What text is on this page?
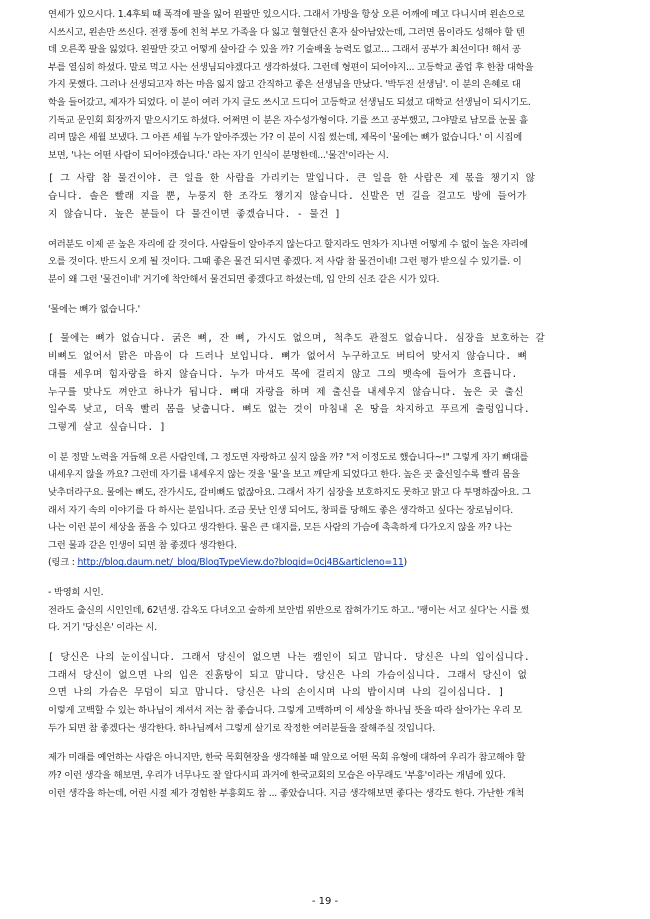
연세가 있으시다. 1.4후퇴 때 폭격에 팔을 잃어 왼팔만 있으시다. 그래서 가방을 항상 오른 어깨에 메고 다니시며 왼손으로

시쓰시고, 왼손만 쓰신다. 전쟁 통에 친척 부모 가족을 다 잃고 혈혈단신 혼자 살아남았는데, 그러면 몸이라도 성해야 할 텐

데 오른쪽 팔을 잃었다. 왼팔만 갖고 어떻게 살아갈 수 있을 까? 기술배울 능력도 없고... 그래서 공부가 최선이다! 해서 공

부를 열심히 하셨다. 말로 먹고 사는 선생님되야겠다고 생각하셨다. 그런데 형편이 되어야지... 고등학교 졸업 후 한참 대학을

가지 못했다. 그러나 선생되고자 하는 마음 잃지 않고 간직하고 좋은 선생님을 만났다. '박두진 선생님'. 이 분의 은혜로 대

학을 들어갔고, 제자가 되었다. 이 분이 여러 가지 글도 쓰시고 드디어 고등학교 선생님도 되셨고 대학교 선생님이 되시기도.

기독교 문인회 회장까지 맡으시기도 하셨다. 어쩌면 이 분은 자수성가형이다. 기를 쓰고 공부했고, 그야말로 남모를 눈물 흘

리며 많은 세월 보냈다. 그 아픈 세월 누가 알아주겠는 가? 이 분이 시집 썼는데, 제목이 '물에는 뼈가 없습니다.' 이 시집에

보면, '나는 어떤 사람이 되어야겠습니다.' 라는 자기 인식이 분명한데...'물건'이라는 시.

[ 그 사람 참 물건이야. 큰 일을 한 사람을 가리키는 말입니다. 큰 일을 한 사람은 제 몫을 챙기지 않

습니다. 솔은 빨래 지을 뿐, 누룽지 한 조각도 챙기지 않습니다. 신발은 먼 길을 걸고도 방에 들어가

지 않습니다. 높은 분들이 다 물건이면 좋겠습니다. - 물건 ]

여러분도 이제 곧 높은 자리에 갈 것이다. 사람들이 알아주지 않는다고 할지라도 연차가 지나면 어떻게 수 없이 높은 자리에

오를 것이다. 반드시 오게 될 것이다. 그때 좋은 물건 되시면 좋겠다. 저 사람 참 물건이네! 그런 평가 받으실 수 있기를. 이

분이 왜 그런 '물건이네' 거기에 착안해서 물건되면 좋겠다고 하셨는데, 입 안의 신조 같은 시가 있다.

'물에는 뼈가 없습니다.'

[ 물에는 뼈가 없습니다. 굵은 뼈, 잔 뼈, 가시도 없으며, 척추도 관절도 없습니다. 심장을 보호하는 갈

비뼈도 없어서 맑은 마음이 다 드러나 보입니다. 뼈가 없어서 누구하고도 버티어 맞서지 않습니다. 뼈

대를 세우며 힘자랑을 하지 않습니다. 누가 마셔도 목에 걸리지 않고 그의 뱃속에 들어가 흐릅니다.

누구를 맞나도 껴안고 하나가 됩니다. 뼈대 자랑을 하며 제 출신을 내세우지 않습니다. 높은 곳 출신

일수록 낮고, 더욱 빨리 몸을 낮춥니다. 뼈도 없는 것이 마침내 온 땅을 차지하고 푸르게 출렁입니다.

그렇게 살고 싶습니다. ]

이 분 정말 노력을 거듭해 오른 사람인데, 그 정도면 자랑하고 싶지 않을 까? "저 이정도로 했습니다~!" 그렇게 자기 뼈대를

내세우지 않을 까요? 그런데 자기를 내세우지 않는 것을 '물'을 보고 깨닫게 되었다고 한다. 높은 곳 출신일수록 빨리 몸을

낮추더라구요. 물에는 뼈도, 잔가시도, 갈비뼈도 없잖아요. 그래서 자기 심장을 보호하지도 못하고 맑고 다 투명하잖아요. 그

래서 자기 속의 이야기를 다 하시는 분입니다. 조금 못난 인생 되어도, 창피를 당해도 좋은 생각하고 싶다는 장로님이다.

나는 이런 분이 세상을 품을 수 있다고 생각한다. 물은 큰 대지를, 모든 사람의 가슴에 촉촉하게 다가오지 않을 까? 나는

그런 물과 같은 인생이 되면 참 좋겠다 생각한다.

(링크 : http://blog.daum.net/_blog/BlogTypeView.do?blogid=0cj4B&articleno=11)

- 박영희 시인.

전라도 출신의 시인인데, 62년생. 감옥도 다녀오고 술하게 보안법 위반으로 잡혀가기도 하고.. '팽이는 서고 싶다'는 시를 썼

다. 거기 '당신은' 이라는 시.

[ 당신은 나의 눈이십니다. 그래서 당신이 없으면 나는 캠인이 되고 맙니다. 당신은 나의 입이십니다.

그래서 당신이 없으면 나의 입은 진흙탕이 되고 맙니다. 당신은 나의 가슴이십니다. 그래서 당신이 없

으면 나의 가슴은 무덤이 되고 맙니다. 당신은 나의 손이시며 나의 밥이시며 나의 길이십니다. ]

이렇게 고백할 수 있는 하나님이 계셔서 저는 참 좋습니다. 그렇게 고백하며 이 세상을 하나님 뜻을 따라 살아가는 우리 모

두가 되면 참 좋겠다는 생각한다. 하나님께서 그렇게 살기로 작정한 여러분들을 잘해주실 것입니다.

제가 미래를 예언하는 사람은 아니지만, 한국 목회현장을 생각해볼 때 앞으로 어떤 목회 유형에 대하여 우리가 참고해야 할

까? 이런 생각을 해보면, 우리가 너무나도 잘 알다시피 과거에 한국교회의 모습은 아무래도 '부흥'이라는 개념에 있다.

이런 생각을 하는데, 어린 시절 제가 경험한 부흥회도 참 ... 좋았습니다. 지금 생각해보면 좋다는 생각도 한다. 가난한 개척

- 19 -
